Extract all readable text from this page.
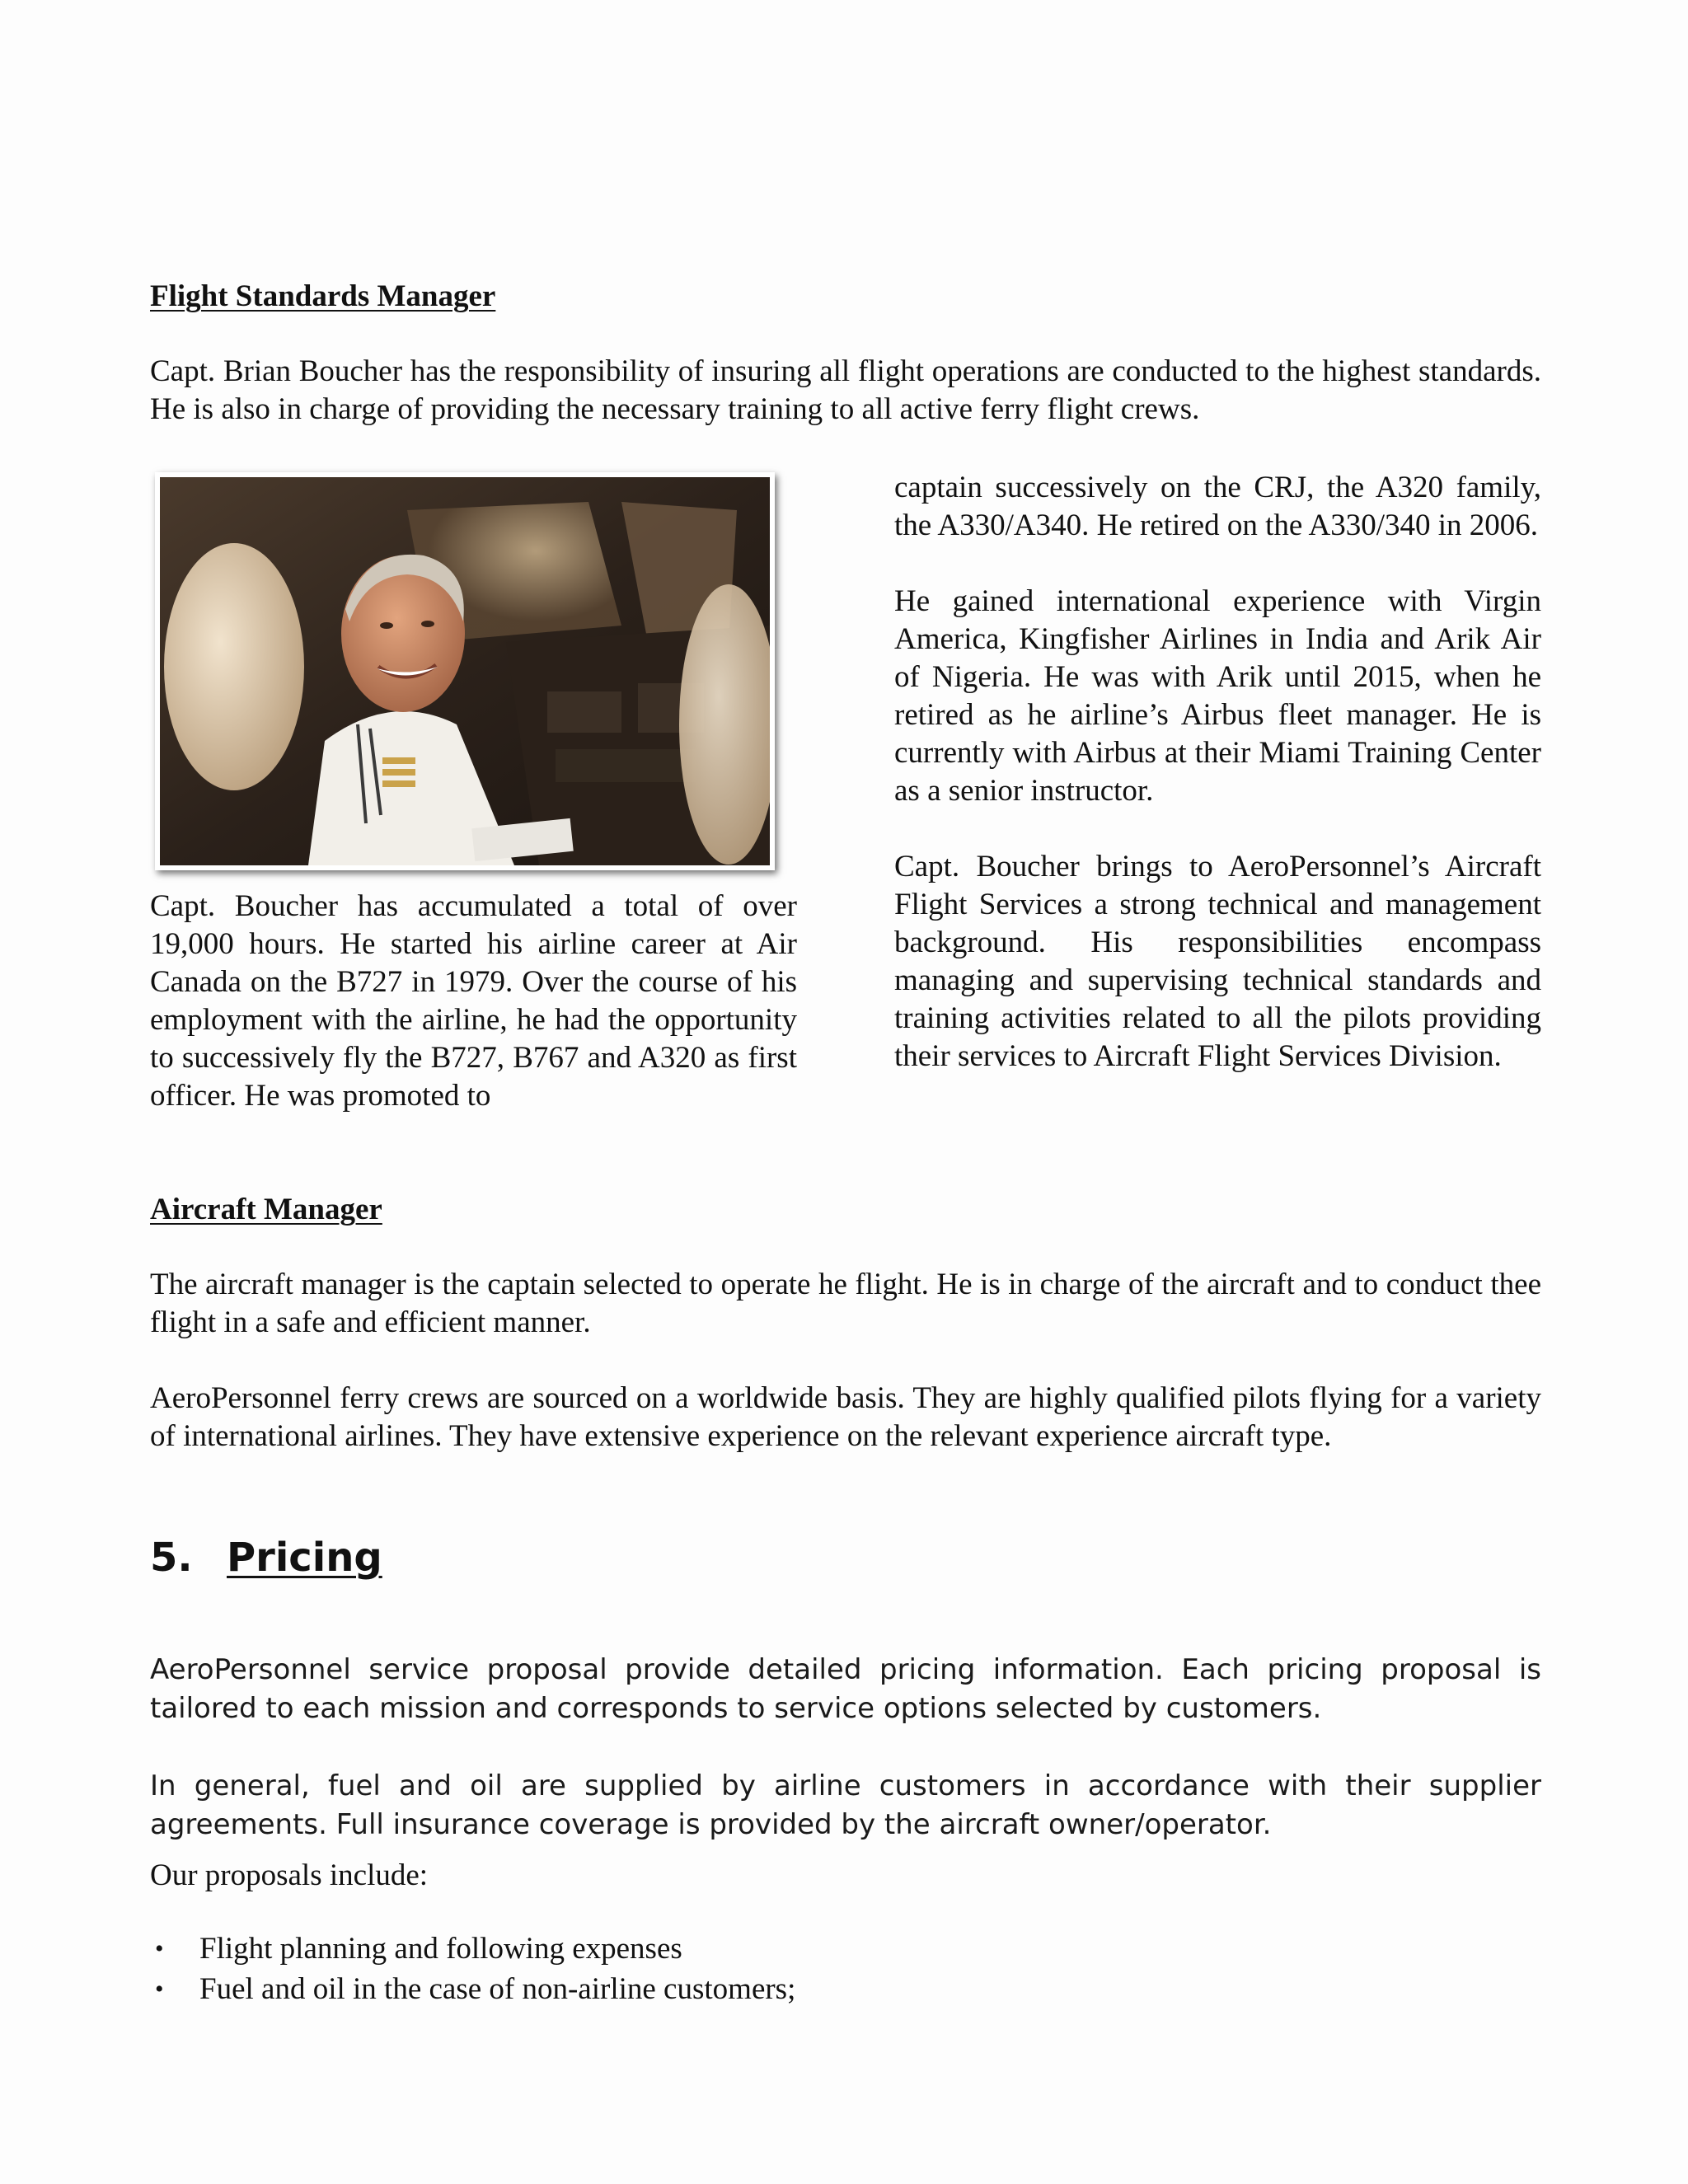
Flight Standards Manager

Capt. Brian Boucher has the responsibility of insuring all flight operations are conducted to the highest standards. He is also in charge of providing the necessary training to all active ferry flight crews.

Capt. Boucher has accumulated a total of over 19,000 hours. He started his airline career at Air Canada on the B727 in 1979. Over the course of his employment with the airline, he had the opportunity to successively fly the B727, B767 and A320 as first officer. He was promoted to

captain successively on the CRJ, the A320 family, the A330/A340. He retired on the A330/340 in 2006.

He gained international experience with Virgin America, Kingfisher Airlines in India and Arik Air of Nigeria. He was with Arik until 2015, when he retired as he airline’s Airbus fleet manager. He is currently with Airbus at their Miami Training Center as a senior instructor.

Capt. Boucher brings to AeroPersonnel’s Aircraft Flight Services a strong technical and management background. His responsibilities encompass managing and supervising technical standards and training activities related to all the pilots providing their services to Aircraft Flight Services Division.

Aircraft Manager

The aircraft manager is the captain selected to operate he flight. He is in charge of the aircraft and to conduct thee flight in a safe and efficient manner.

AeroPersonnel ferry crews are sourced on a worldwide basis. They are highly qualified pilots flying for a variety of international airlines. They have extensive experience on the relevant experience aircraft type.

5. Pricing

AeroPersonnel service proposal provide detailed pricing information. Each pricing proposal is tailored to each mission and corresponds to service options selected by customers.

In general, fuel and oil are supplied by airline customers in accordance with their supplier agreements. Full insurance coverage is provided by the aircraft owner/operator.

Our proposals include:
• Flight planning and following expenses
• Fuel and oil in the case of non-airline customers;
